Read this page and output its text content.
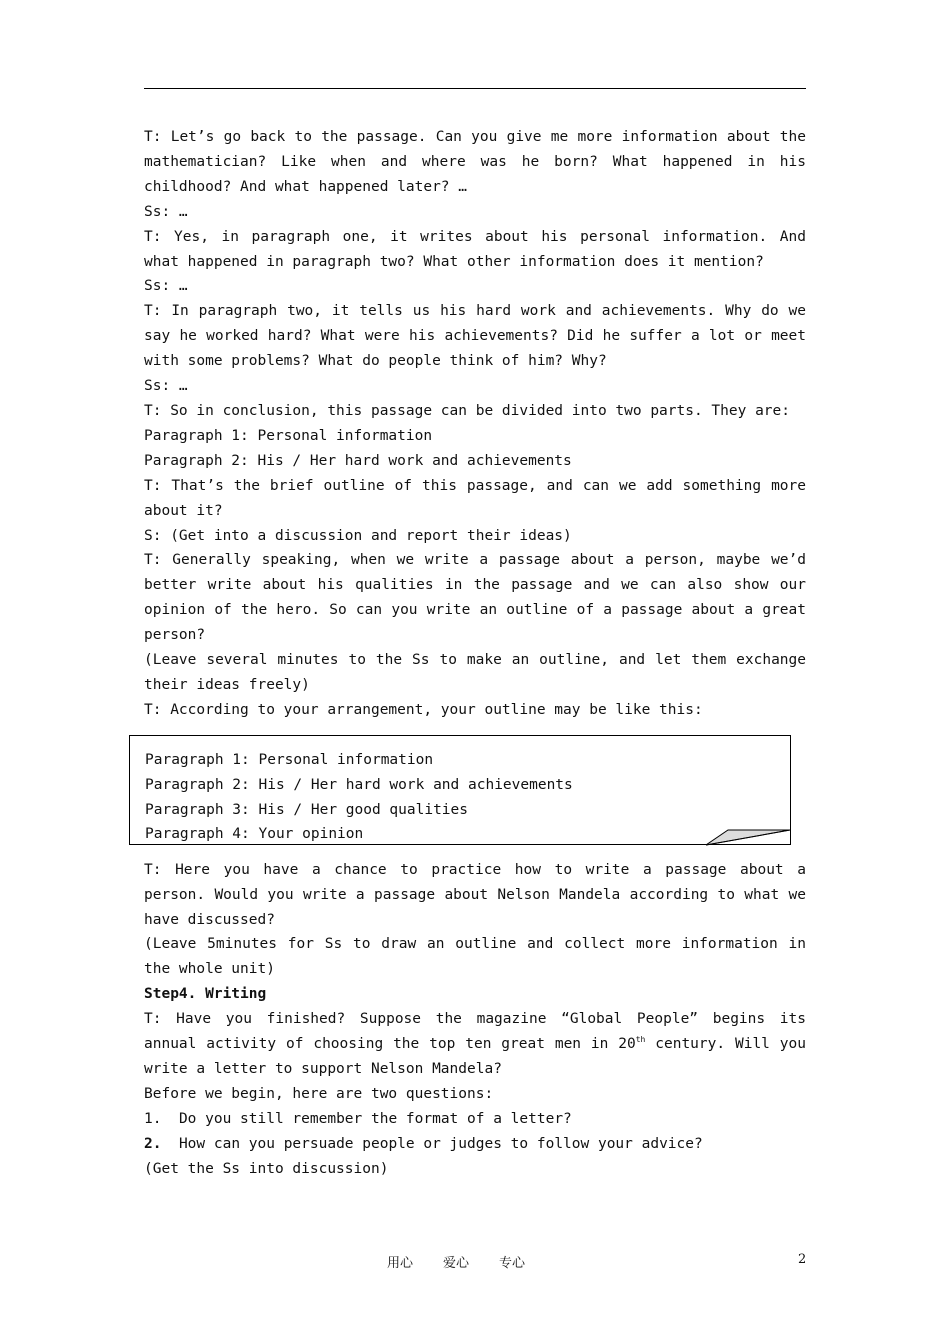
T: Let’s go back to the passage. Can you give me more information about the mathematician? Like when and where was he born? What happened in his childhood? And what happened later? …

Ss: …

T: Yes, in paragraph one, it writes about his personal information. And what happened in paragraph two? What other information does it mention?

Ss: …

T: In paragraph two, it tells us his hard work and achievements. Why do we say he worked hard? What were his achievements? Did he suffer a lot or meet with some problems? What do people think of him? Why?

Ss: …

T: So in conclusion, this passage can be divided into two parts. They are:

Paragraph 1: Personal information

Paragraph 2: His / Her hard work and achievements

T: That’s the brief outline of this passage, and can we add something more about it?

S: (Get into a discussion and report their ideas)

T: Generally speaking, when we write a passage about a person, maybe we’d better write about his qualities in the passage and we can also show our opinion of the hero. So can you write an outline of a passage about a great person?

(Leave several minutes to the Ss to make an outline, and let them exchange their ideas freely)

T: According to your arrangement, your outline may be like this:

Paragraph 1: Personal information

Paragraph 2: His / Her hard work and achievements

Paragraph 3: His / Her good qualities

Paragraph 4: Your opinion

T: Here you have a chance to practice how to write a passage about a person. Would you write a passage about Nelson Mandela according to what we have discussed?

(Leave 5minutes for Ss to draw an outline and collect more information in the whole unit)

Step4. Writing

T: Have you finished? Suppose the magazine “Global People” begins its annual activity of choosing the top ten great men in 20th century. Will you write a letter to support Nelson Mandela?

Before we begin, here are two questions:

1. Do you still remember the format of a letter?

2. How can you persuade people or judges to follow your advice?

(Get the Ss into discussion)

用心 爱心 专心	2
